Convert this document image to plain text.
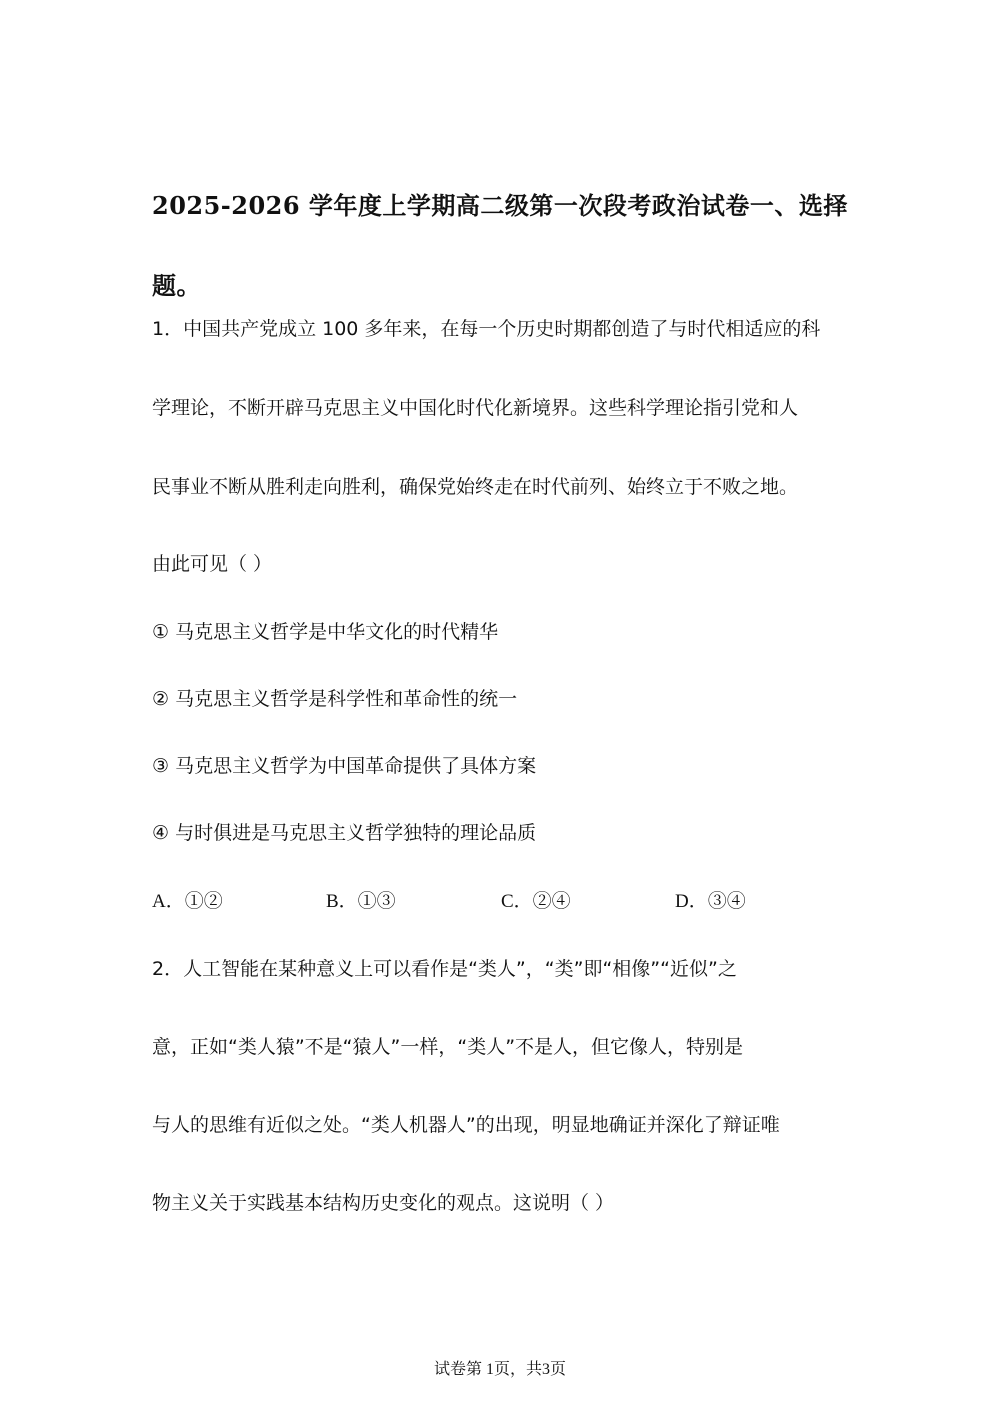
2025-2026 学年度上学期高二级第一次段考政治试卷一、选择
题。
1．中国共产党成立 100 多年来，在每一个历史时期都创造了与时代相适应的科
学理论，不断开辟马克思主义中国化时代化新境界。这些科学理论指引党和人
民事业不断从胜利走向胜利，确保党始终走在时代前列、始终立于不败之地。
由此可见（ ）
① 马克思主义哲学是中华文化的时代精华
② 马克思主义哲学是科学性和革命性的统一
③ 马克思主义哲学为中国革命提供了具体方案
④ 与时俱进是马克思主义哲学独特的理论品质
A．①②	B．①③	C．②④	D．③④
2．人工智能在某种意义上可以看作是“类人”，“类”即“相像”“近似”之
意，正如“类人猿”不是“猿人”一样，“类人”不是人，但它像人，特别是
与人的思维有近似之处。“类人机器人”的出现，明显地确证并深化了辩证唯
物主义关于实践基本结构历史变化的观点。这说明（ ）
试卷第 1页，共3页
